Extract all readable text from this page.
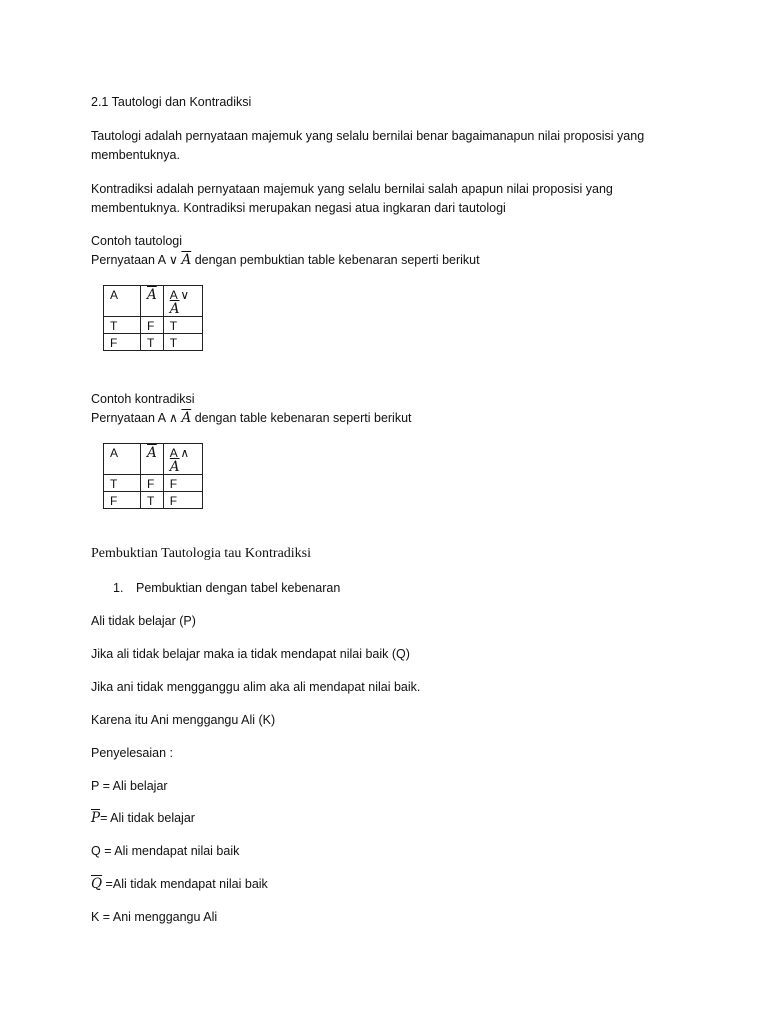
2.1 Tautologi dan Kontradiksi
Tautologi adalah pernyataan majemuk yang selalu bernilai benar bagaimanapun nilai proposisi yang
membentuknya.
Kontradiksi adalah pernyataan majemuk yang selalu bernilai salah apapun nilai proposisi yang
membentuknya. Kontradiksi merupakan negasi atua ingkaran dari tautologi
Contoh tautologi
Pernyataan A ∨ $\overline{A}$ dengan pembuktian table kebenaran seperti berikut
A	$\overline{A}$	A ∨
$\overline{A}$

T	F	T
F	T	T
Contoh kontradiksi
Pernyataan A ∧ $\overline{A}$ dengan table kebenaran seperti berikut
A	$\overline{A}$	A ∧
$\overline{A}$

T	F	F
F	T	F
Pembuktian Tautologia tau Kontradiksi
1. Pembuktian dengan tabel kebenaran
Ali tidak belajar (P)
Jika ali tidak belajar maka ia tidak mendapat nilai baik (Q)
Jika ani tidak mengganggu alim aka ali mendapat nilai baik.
Karena itu Ani menggangu Ali (K)
Penyelesaian :
P = Ali belajar
$\overline{P}=$ Ali tidak belajar
Q = Ali mendapat nilai baik
$\overline{Q} =Ali$ tidak mendapat nilai baik
K = Ani menggangu Ali
